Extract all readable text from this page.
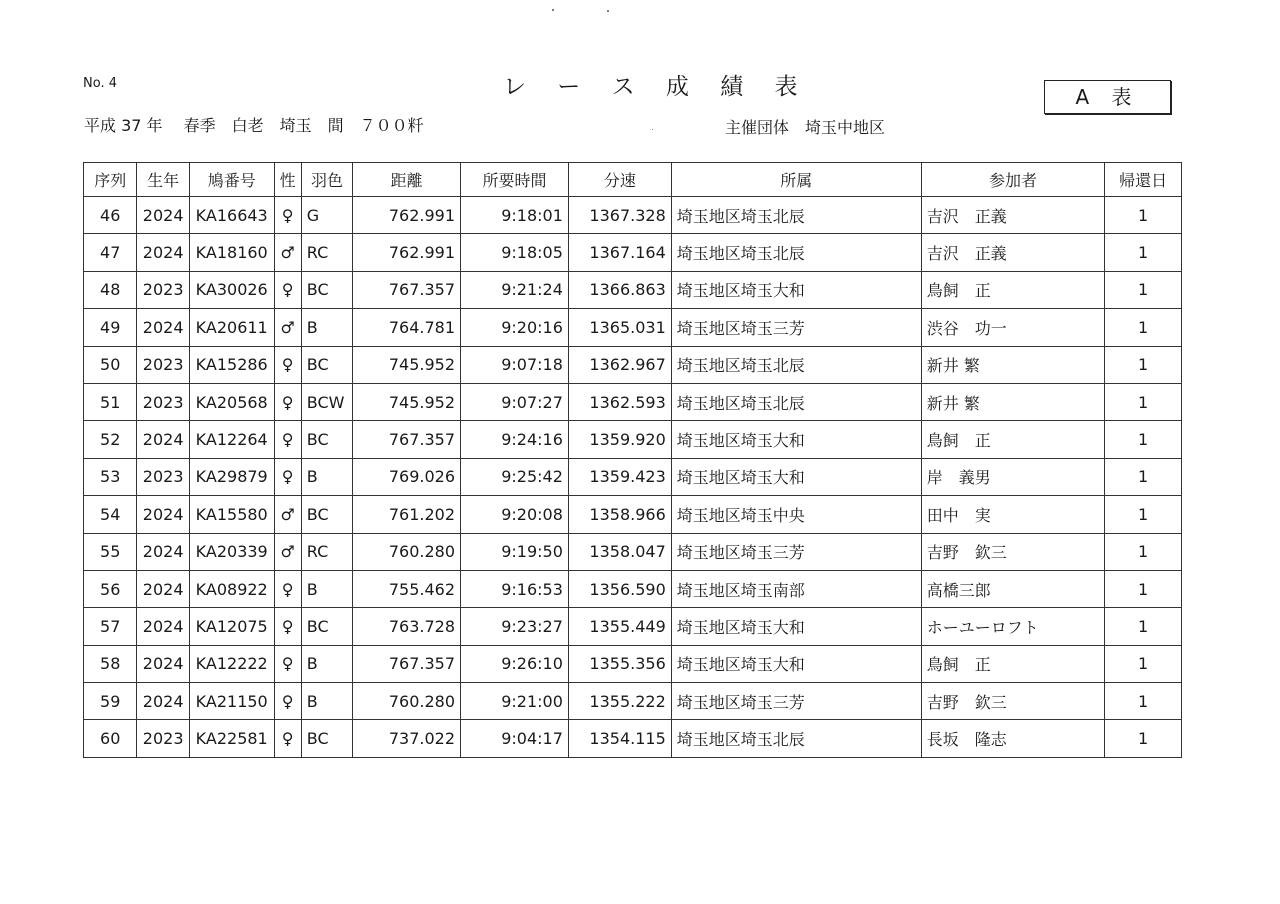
No. 4	レ ー ス 成 績 表	A 表
平成 37 年　 春季　白老　埼玉　間　７００粁	主催団体　埼玉中地区
序列	生年	鳩番号	性	羽色	距離	所要時間	分速	所属	参加者	帰還日
46	2024	KA16643	♀	G	762.991	9:18:01	1367.328	埼玉地区埼玉北辰	吉沢　正義	1
47	2024	KA18160	♂	RC	762.991	9:18:05	1367.164	埼玉地区埼玉北辰	吉沢　正義	1
48	2023	KA30026	♀	BC	767.357	9:21:24	1366.863	埼玉地区埼玉大和	鳥飼　正	1
49	2024	KA20611	♂	B	764.781	9:20:16	1365.031	埼玉地区埼玉三芳	渋谷　功一	1
50	2023	KA15286	♀	BC	745.952	9:07:18	1362.967	埼玉地区埼玉北辰	新井 繁	1
51	2023	KA20568	♀	BCW	745.952	9:07:27	1362.593	埼玉地区埼玉北辰	新井 繁	1
52	2024	KA12264	♀	BC	767.357	9:24:16	1359.920	埼玉地区埼玉大和	鳥飼　正	1
53	2023	KA29879	♀	B	769.026	9:25:42	1359.423	埼玉地区埼玉大和	岸　義男	1
54	2024	KA15580	♂	BC	761.202	9:20:08	1358.966	埼玉地区埼玉中央	田中　実	1
55	2024	KA20339	♂	RC	760.280	9:19:50	1358.047	埼玉地区埼玉三芳	吉野　欽三	1
56	2024	KA08922	♀	B	755.462	9:16:53	1356.590	埼玉地区埼玉南部	高橋三郎	1
57	2024	KA12075	♀	BC	763.728	9:23:27	1355.449	埼玉地区埼玉大和	ホーユーロフト	1
58	2024	KA12222	♀	B	767.357	9:26:10	1355.356	埼玉地区埼玉大和	鳥飼　正	1
59	2024	KA21150	♀	B	760.280	9:21:00	1355.222	埼玉地区埼玉三芳	吉野　欽三	1
60	2023	KA22581	♀	BC	737.022	9:04:17	1354.115	埼玉地区埼玉北辰	長坂　隆志	1
